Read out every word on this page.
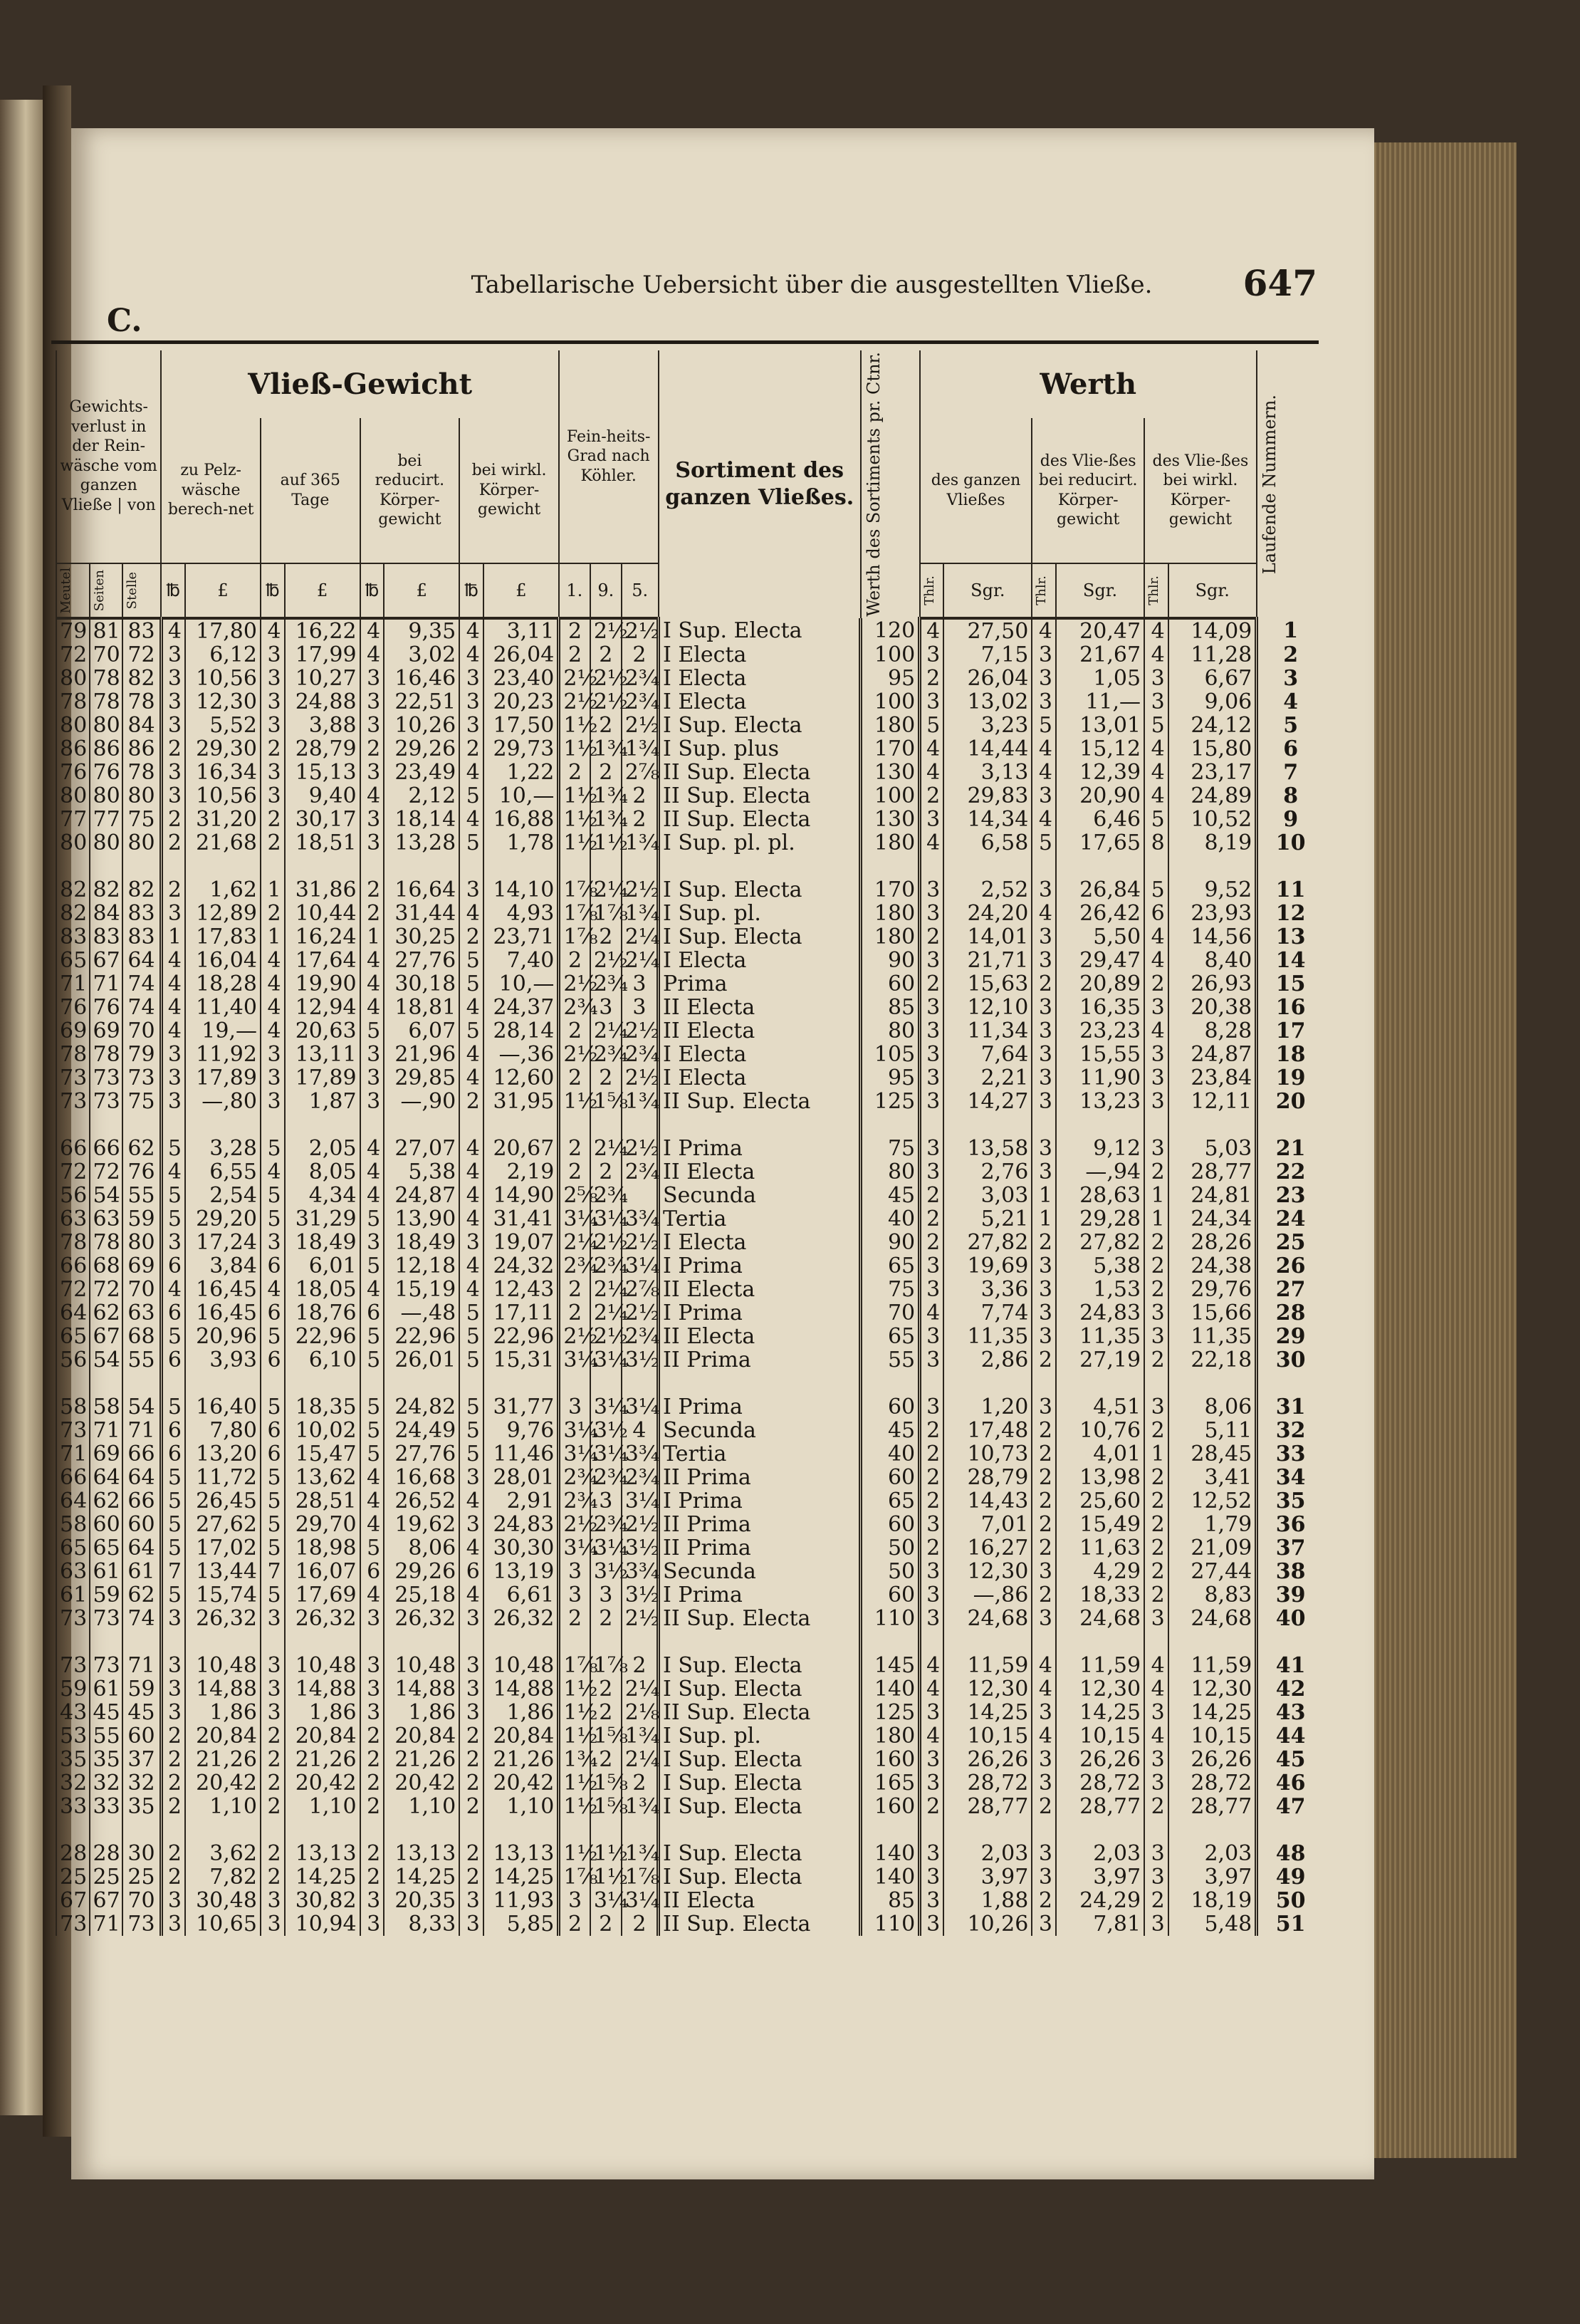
Tabellarische Uebersicht über die ausgestellten Vließe.	647
C.
Gewichts-verlust in der Rein-wäsche vom ganzen Vließe | von			Vließ-Gewicht								Fein-heits-Grad nach Köhler.			Sortiment des ganzen Vließes.	Werth des Sortiments pr. Ctnr.	Werth						Laufende Nummern.

			zu Pelz-wäsche berech-net		auf 365 Tage		bei reducirt. Körper-gewicht		bei wirkl. Körper-gewicht							des ganzen Vließes		des Vlie-ßes bei reducirt. Körper-gewicht		des Vlie-ßes bei wirkl. Körper-gewicht		

Meutel	Seiten	Stelle	℔	£	℔	£	℔	£	℔	£	1.	9.	5.			Thlr.	Sgr.	Thlr.	Sgr.	Thlr.	Sgr.	
79	81	83	4	17,80	4	16,22	4	9,35	4	3,11	2	2½	2½	I Sup. Electa	120	4	27,50	4	20,47	4	14,09	1
72	70	72	3	6,12	3	17,99	4	3,02	4	26,04	2	2	2	I Electa	100	3	7,15	3	21,67	4	11,28	2
80	78	82	3	10,56	3	10,27	3	16,46	3	23,40	2½	2½	2¾	I Electa	95	2	26,04	3	1,05	3	6,67	3
78	78	78	3	12,30	3	24,88	3	22,51	3	20,23	2½	2½	2¾	I Electa	100	3	13,02	3	11,—	3	9,06	4
80	80	84	3	5,52	3	3,88	3	10,26	3	17,50	1½	2	2½	I Sup. Electa	180	5	3,23	5	13,01	5	24,12	5
86	86	86	2	29,30	2	28,79	2	29,26	2	29,73	1½	1¾	1¾	I Sup. plus	170	4	14,44	4	15,12	4	15,80	6
76	76	78	3	16,34	3	15,13	3	23,49	4	1,22	2	2	2⅞	II Sup. Electa	130	4	3,13	4	12,39	4	23,17	7
80	80	80	3	10,56	3	9,40	4	2,12	5	10,—	1½	1¾	2	II Sup. Electa	100	2	29,83	3	20,90	4	24,89	8
77	77	75	2	31,20	2	30,17	3	18,14	4	16,88	1½	1¾	2	II Sup. Electa	130	3	14,34	4	6,46	5	10,52	9
80	80	80	2	21,68	2	18,51	3	13,28	5	1,78	1½	1½	1¾	I Sup. pl. pl.	180	4	6,58	5	17,65	8	8,19	10

82	82	82	2	1,62	1	31,86	2	16,64	3	14,10	1⅞	2¼	2½	I Sup. Electa	170	3	2,52	3	26,84	5	9,52	11
82	84	83	3	12,89	2	10,44	2	31,44	4	4,93	1⅞	1⅞	1¾	I Sup. pl.	180	3	24,20	4	26,42	6	23,93	12
83	83	83	1	17,83	1	16,24	1	30,25	2	23,71	1⅞	2	2¼	I Sup. Electa	180	2	14,01	3	5,50	4	14,56	13
65	67	64	4	16,04	4	17,64	4	27,76	5	7,40	2	2½	2¼	I Electa	90	3	21,71	3	29,47	4	8,40	14
71	71	74	4	18,28	4	19,90	4	30,18	5	10,—	2½	2¾	3	Prima	60	2	15,63	2	20,89	2	26,93	15
76	76	74	4	11,40	4	12,94	4	18,81	4	24,37	2¾	3	3	II Electa	85	3	12,10	3	16,35	3	20,38	16
69	69	70	4	19,—	4	20,63	5	6,07	5	28,14	2	2¼	2½	II Electa	80	3	11,34	3	23,23	4	8,28	17
78	78	79	3	11,92	3	13,11	3	21,96	4	—,36	2½	2¾	2¾	I Electa	105	3	7,64	3	15,55	3	24,87	18
73	73	73	3	17,89	3	17,89	3	29,85	4	12,60	2	2	2½	I Electa	95	3	2,21	3	11,90	3	23,84	19
73	73	75	3	—,80	3	1,87	3	—,90	2	31,95	1½	1⅝	1¾	II Sup. Electa	125	3	14,27	3	13,23	3	12,11	20

66	66	62	5	3,28	5	2,05	4	27,07	4	20,67	2	2¼	2½	I Prima	75	3	13,58	3	9,12	3	5,03	21
72	72	76	4	6,55	4	8,05	4	5,38	4	2,19	2	2	2¾	II Electa	80	3	2,76	3	—,94	2	28,77	22
56	54	55	5	2,54	5	4,34	4	24,87	4	14,90	2⅝	2¾		Secunda	45	2	3,03	1	28,63	1	24,81	23
63	63	59	5	29,20	5	31,29	5	13,90	4	31,41	3¼	3¼	3¾	Tertia	40	2	5,21	1	29,28	1	24,34	24
78	78	80	3	17,24	3	18,49	3	18,49	3	19,07	2¼	2½	2½	I Electa	90	2	27,82	2	27,82	2	28,26	25
66	68	69	6	3,84	6	6,01	5	12,18	4	24,32	2¾	2¾	3¼	I Prima	65	3	19,69	3	5,38	2	24,38	26
72	72	70	4	16,45	4	18,05	4	15,19	4	12,43	2	2¼	2⅞	II Electa	75	3	3,36	3	1,53	2	29,76	27
64	62	63	6	16,45	6	18,76	6	—,48	5	17,11	2	2¼	2½	I Prima	70	4	7,74	3	24,83	3	15,66	28
65	67	68	5	20,96	5	22,96	5	22,96	5	22,96	2½	2½	2¾	II Electa	65	3	11,35	3	11,35	3	11,35	29
56	54	55	6	3,93	6	6,10	5	26,01	5	15,31	3¼	3¼	3½	II Prima	55	3	2,86	2	27,19	2	22,18	30

58	58	54	5	16,40	5	18,35	5	24,82	5	31,77	3	3¼	3¼	I Prima	60	3	1,20	3	4,51	3	8,06	31
73	71	71	6	7,80	6	10,02	5	24,49	5	9,76	3¼	3½	4	Secunda	45	2	17,48	2	10,76	2	5,11	32
71	69	66	6	13,20	6	15,47	5	27,76	5	11,46	3¼	3¼	3¾	Tertia	40	2	10,73	2	4,01	1	28,45	33
66	64	64	5	11,72	5	13,62	4	16,68	3	28,01	2¾	2¾	2¾	II Prima	60	2	28,79	2	13,98	2	3,41	34
64	62	66	5	26,45	5	28,51	4	26,52	4	2,91	2¾	3	3¼	I Prima	65	2	14,43	2	25,60	2	12,52	35
58	60	60	5	27,62	5	29,70	4	19,62	3	24,83	2½	2¾	2½	II Prima	60	3	7,01	2	15,49	2	1,79	36
65	65	64	5	17,02	5	18,98	5	8,06	4	30,30	3¼	3¼	3½	II Prima	50	2	16,27	2	11,63	2	21,09	37
63	61	61	7	13,44	7	16,07	6	29,26	6	13,19	3	3½	3¾	Secunda	50	3	12,30	3	4,29	2	27,44	38
61	59	62	5	15,74	5	17,69	4	25,18	4	6,61	3	3	3½	I Prima	60	3	—,86	2	18,33	2	8,83	39
73	73	74	3	26,32	3	26,32	3	26,32	3	26,32	2	2	2½	II Sup. Electa	110	3	24,68	3	24,68	3	24,68	40

73	73	71	3	10,48	3	10,48	3	10,48	3	10,48	1⅞	1⅞	2	I Sup. Electa	145	4	11,59	4	11,59	4	11,59	41
59	61	59	3	14,88	3	14,88	3	14,88	3	14,88	1½	2	2¼	I Sup. Electa	140	4	12,30	4	12,30	4	12,30	42
43	45	45	3	1,86	3	1,86	3	1,86	3	1,86	1½	2	2⅛	II Sup. Electa	125	3	14,25	3	14,25	3	14,25	43
53	55	60	2	20,84	2	20,84	2	20,84	2	20,84	1½	1⅝	1¾	I Sup. pl.	180	4	10,15	4	10,15	4	10,15	44
35	35	37	2	21,26	2	21,26	2	21,26	2	21,26	1¾	2	2¼	I Sup. Electa	160	3	26,26	3	26,26	3	26,26	45
32	32	32	2	20,42	2	20,42	2	20,42	2	20,42	1½	1⅝	2	I Sup. Electa	165	3	28,72	3	28,72	3	28,72	46
33	33	35	2	1,10	2	1,10	2	1,10	2	1,10	1½	1⅝	1¾	I Sup. Electa	160	2	28,77	2	28,77	2	28,77	47

28	28	30	2	3,62	2	13,13	2	13,13	2	13,13	1½	1½	1¾	I Sup. Electa	140	3	2,03	3	2,03	3	2,03	48
25	25	25	2	7,82	2	14,25	2	14,25	2	14,25	1⅞	1½	1⅞	I Sup. Electa	140	3	3,97	3	3,97	3	3,97	49
67	67	70	3	30,48	3	30,82	3	20,35	3	11,93	3	3¼	3¼	II Electa	85	3	1,88	2	24,29	2	18,19	50
73	71	73	3	10,65	3	10,94	3	8,33	3	5,85	2	2	2	II Sup. Electa	110	3	10,26	3	7,81	3	5,48	51
